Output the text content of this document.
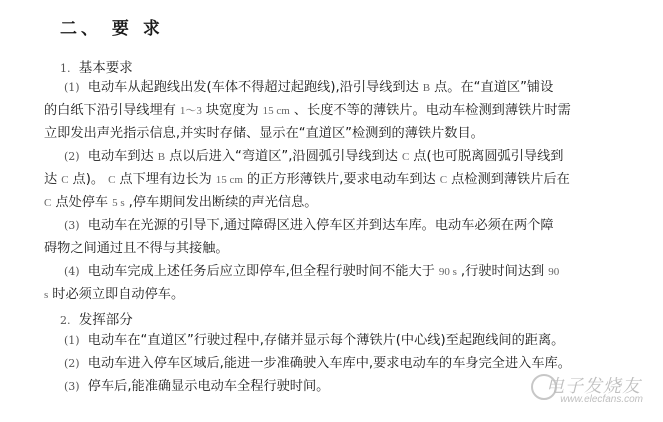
二、 要 求
1. 基本要求
(1) 电动车从起跑线出发(车体不得超过起跑线),沿引导线到达 B 点。在“直道区”铺设
的白纸下沿引导线埋有 1～3 块宽度为 15 cm 、长度不等的薄铁片。电动车检测到薄铁片时需
立即发出声光指示信息,并实时存储、显示在“直道区”检测到的薄铁片数目。
(2) 电动车到达 B 点以后进入“弯道区”,沿圆弧引导线到达 C 点(也可脱离圆弧引导线到
达 C 点)。 C 点下埋有边长为 15 cm 的正方形薄铁片,要求电动车到达 C 点检测到薄铁片后在
C 点处停车 5 s ,停车期间发出断续的声光信息。
(3) 电动车在光源的引导下,通过障碍区进入停车区并到达车库。电动车必须在两个障
碍物之间通过且不得与其接触。
(4) 电动车完成上述任务后应立即停车,但全程行驶时间不能大于 90 s ,行驶时间达到 90
s 时必须立即自动停车。
2. 发挥部分
(1) 电动车在“直道区”行驶过程中,存储并显示每个薄铁片(中心线)至起跑线间的距离。
(2) 电动车进入停车区域后,能进一步准确驶入车库中,要求电动车的车身完全进入车库。
(3) 停车后,能准确显示电动车全程行驶时间。	电子发烧友
www.elecfans.com
